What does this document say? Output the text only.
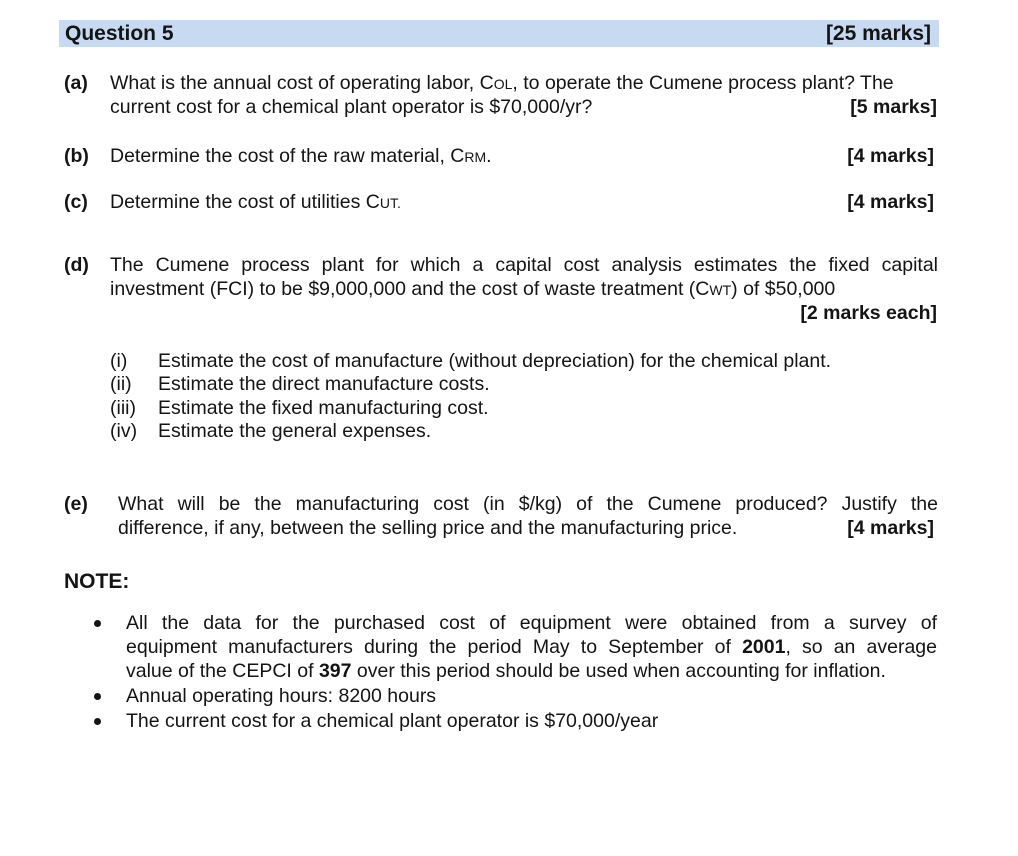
Question 5	[25 marks]
(a) What is the annual cost of operating labor, COL, to operate the Cumene process plant? The
current cost for a chemical plant operator is $70,000/yr?	[5 marks]
(b) Determine the cost of the raw material, CRM.	[4 marks]
(c) Determine the cost of utilities CUT.	[4 marks]
(d) The Cumene process plant for which a capital cost analysis estimates the fixed capital
investment (FCI) to be $9,000,000 and the cost of waste treatment (CWT) of $50,000
[2 marks each]
(i) Estimate the cost of manufacture (without depreciation) for the chemical plant.
(ii) Estimate the direct manufacture costs.
(iii) Estimate the fixed manufacturing cost.
(iv) Estimate the general expenses.
(e) What will be the manufacturing cost (in $/kg) of the Cumene produced? Justify the
difference, if any, between the selling price and the manufacturing price.	[4 marks]
NOTE:
All the data for the purchased cost of equipment were obtained from a survey of
equipment manufacturers during the period May to September of 2001, so an average
value of the CEPCI of 397 over this period should be used when accounting for inflation.
Annual operating hours: 8200 hours
The current cost for a chemical plant operator is $70,000/year
